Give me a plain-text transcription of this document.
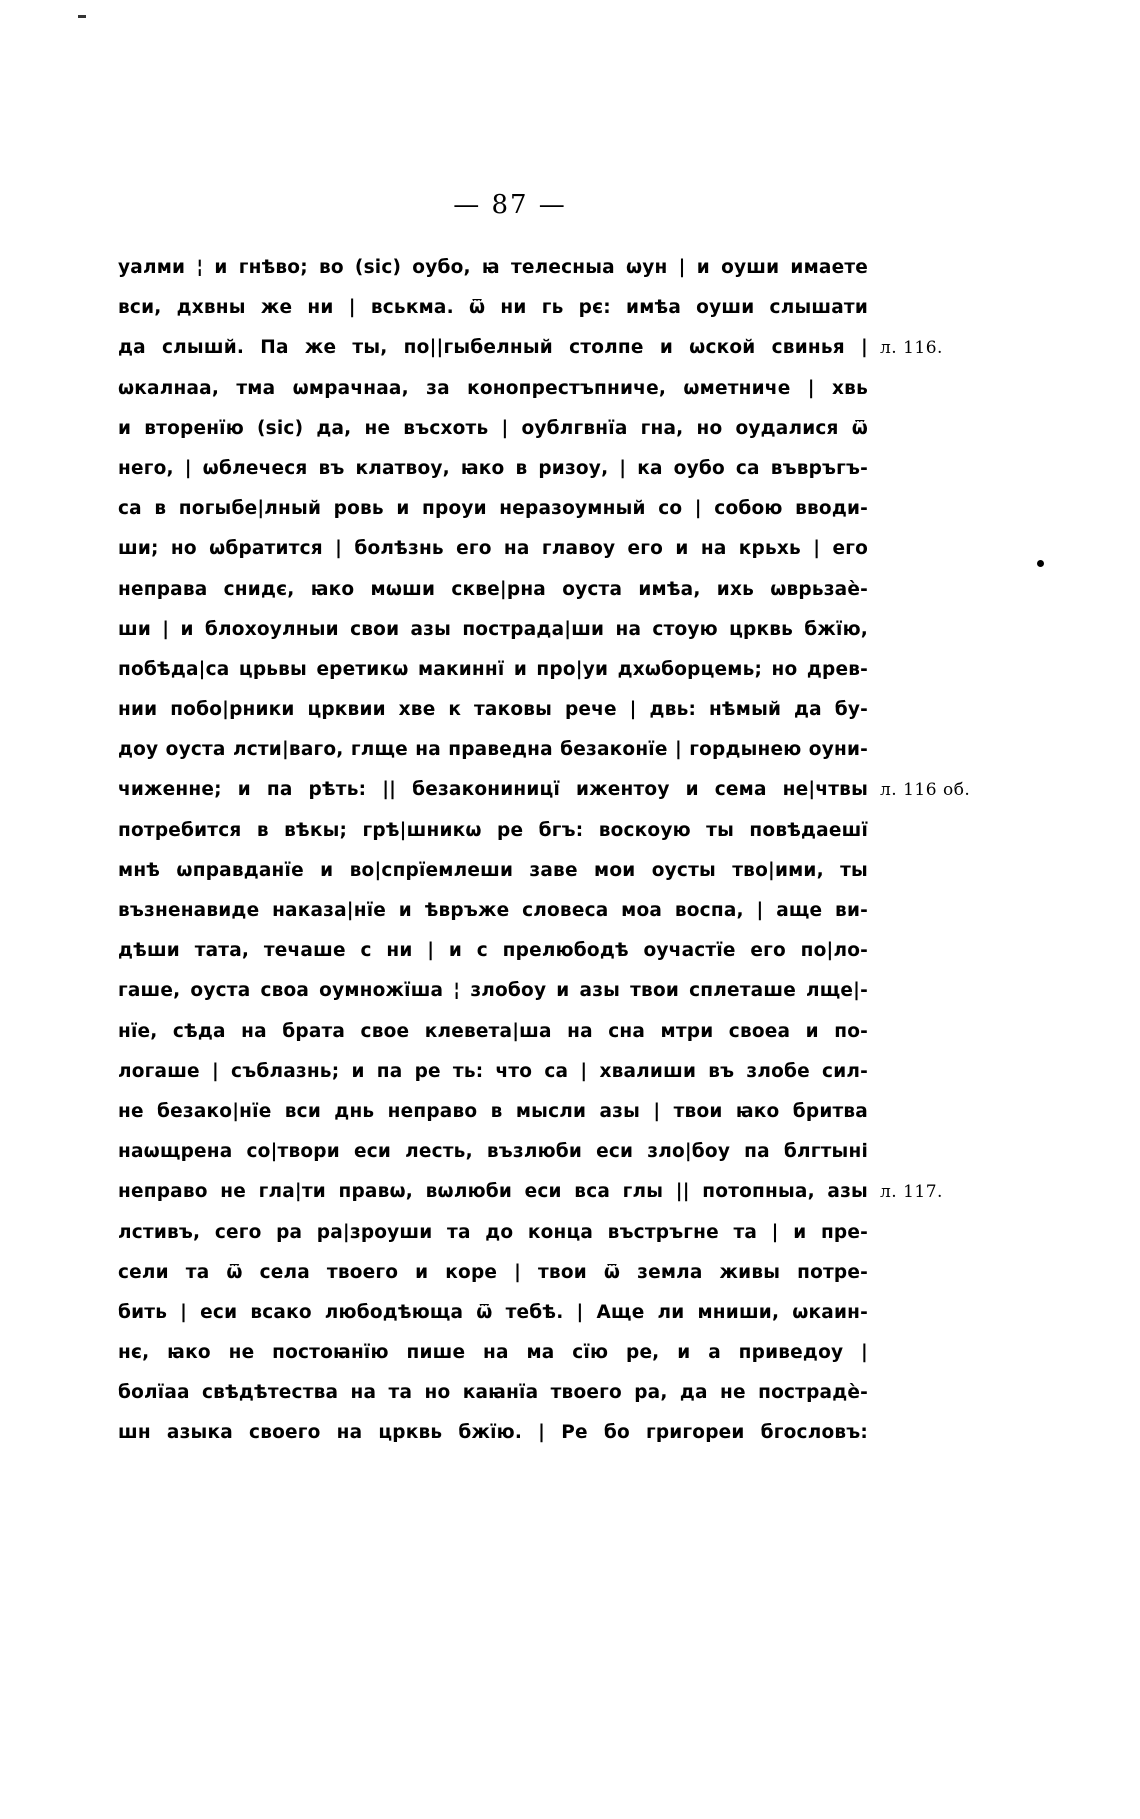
— 87 —
уалми ¦ и гнѣво; во (sic) оубо, ꙗ телесныа ѡун | и оуши имаете
вси, дхвны же ни | вськма. ѿ ни гь рє: имѣа оуши слышати
да слышй. Па же ты, по||гыбелный столпе и ѡской свинья | л. 116.
ѡкалнаа, тма ѡмрачнаа, за конопрестъпниче, ѡметниче | хвь
и вторенїю (sic) да, не въсхоть | оублгвнїа гна, но оудалися ѿ
него, | ѡблечеся въ клатвоу, ꙗко в ризоу, | ка оубо са въвръгъ-
са в погыбе|лный ровь и проуи неразоумный со | собою вводи-
ши; но ѡбратится | болѣзнь его на главоу его и на крьхь | его
неправа снидє, ꙗко мѡши скве|рна оуста имѣа, ихь ѡврьзаѐ-
ши | и блохоулныи свои азы пострада|ши на стоую црквь бжїю,
побѣда|са црьвы еретикѡ макиннї и про|уи дхѡборцемь; но древ-
нии побо|рники црквии хве к таковы рече | двь: нѣмый да бу-
доу оуста лсти|ваго, глще на праведна безаконїе | гордынею оуни-
чиженне; и па рѣть: || безакониницї ижентоу и сема не|чтвы л. 116 об.
потребится в вѣкы; грѣ|шникѡ ре бгъ: воскоую ты повѣдаешї
мнѣ ѡправданїе и во|спрїемлеши заве мои оусты тво|ими, ты
възненавиде наказа|нїе и ѣвръже словеса моа воспа, | аще ви-
дѣши тата, течаше с ни | и с прелюбодѣ оучастїе его по|ло-
гаше, оуста своа оумножїша ¦ злобоу и азы твои сплеташе лще|-
нїе, сѣда на брата свое клевета|ша на сна мтри своеа и по-
логаше | съблазнь; и па ре ть: что са | хвалиши въ злобе сил-
не безако|нїе вси днь неправо в мысли азы | твои ꙗко бритва
наѡщрена со|твори еси лесть, възлюби еси зло|боу па блгтыні
неправо не гла|ти правѡ, вѡлюби еси вса глы || потопныа, азы л. 117.
лстивъ, сего ра ра|зроуши та до конца въстръгне та | и пре-
сели та ѿ села твоего и коре | твои ѿ земла живы потре-
бить | еси всако любодѣюща ѿ тебѣ. | Аще ли мниши, ѡкаин-
нє, ꙗко не постоꙗнїю пише на ма сїю ре, и а приведоу |
болїаа свѣдѣтества на та но каꙗнїа твоего ра, да не пострадѐ-
шн азыка своего на црквь бжїю. | Ре бо григореи бгословъ:
